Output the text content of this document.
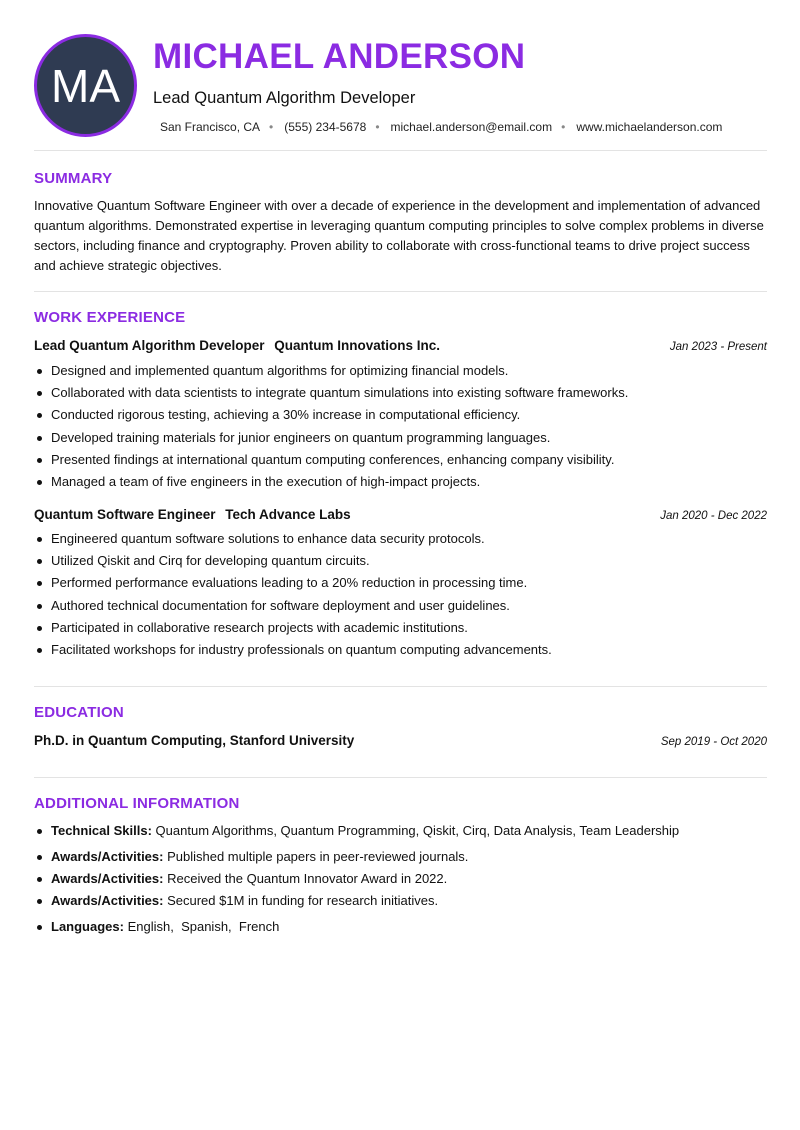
MA
MICHAEL ANDERSON
Lead Quantum Algorithm Developer
San Francisco, CA • (555) 234-5678 • michael.anderson@email.com • www.michaelanderson.com
SUMMARY
Innovative Quantum Software Engineer with over a decade of experience in the development and implementation of advanced quantum algorithms. Demonstrated expertise in leveraging quantum computing principles to solve complex problems in diverse sectors, including finance and cryptography. Proven ability to collaborate with cross-functional teams to drive project success and achieve strategic objectives.
WORK EXPERIENCE
Lead Quantum Algorithm Developer Quantum Innovations Inc.	Jan 2023 - Present
Designed and implemented quantum algorithms for optimizing financial models.
Collaborated with data scientists to integrate quantum simulations into existing software frameworks.
Conducted rigorous testing, achieving a 30% increase in computational efficiency.
Developed training materials for junior engineers on quantum programming languages.
Presented findings at international quantum computing conferences, enhancing company visibility.
Managed a team of five engineers in the execution of high-impact projects.
Quantum Software Engineer Tech Advance Labs	Jan 2020 - Dec 2022
Engineered quantum software solutions to enhance data security protocols.
Utilized Qiskit and Cirq for developing quantum circuits.
Performed performance evaluations leading to a 20% reduction in processing time.
Authored technical documentation for software deployment and user guidelines.
Participated in collaborative research projects with academic institutions.
Facilitated workshops for industry professionals on quantum computing advancements.
EDUCATION
Ph.D. in Quantum Computing, Stanford University	Sep 2019 - Oct 2020
ADDITIONAL INFORMATION
Technical Skills: Quantum Algorithms, Quantum Programming, Qiskit, Cirq, Data Analysis, Team Leadership
Awards/Activities: Published multiple papers in peer-reviewed journals.
Awards/Activities: Received the Quantum Innovator Award in 2022.
Awards/Activities: Secured $1M in funding for research initiatives.
Languages: English,  Spanish,  French
